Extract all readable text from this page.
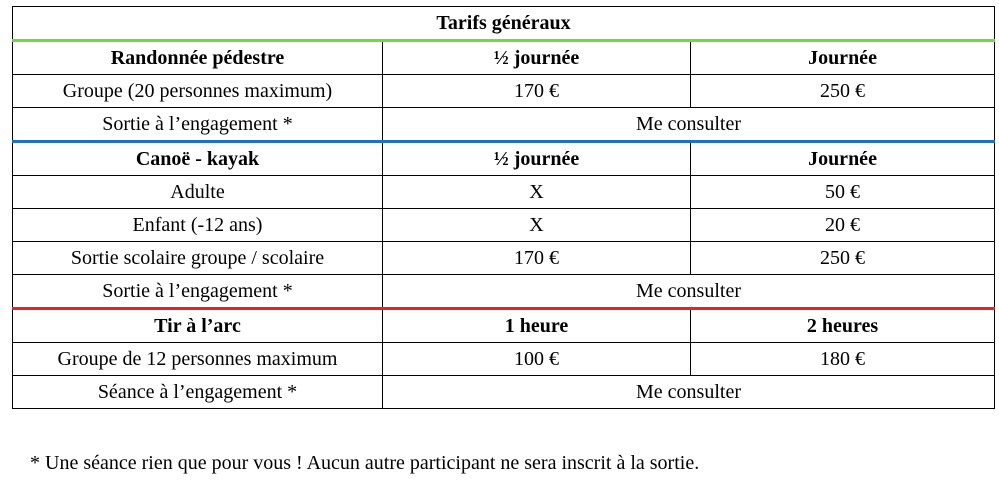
Tarifs généraux		
Randonnée pédestre	½ journée	Journée
Groupe (20 personnes maximum)	170 €	250 €
Sortie à l’engagement *	Me consulter	
Canoë - kayak	½ journée	Journée
Adulte	X	50 €
Enfant (-12 ans)	X	20 €
Sortie scolaire groupe / scolaire	170 €	250 €
Sortie à l’engagement *	Me consulter	
Tir à l’arc	1 heure	2 heures
Groupe de 12 personnes maximum	100 €	180 €
Séance à l’engagement *	Me consulter	
* Une séance rien que pour vous ! Aucun autre participant ne sera inscrit à la sortie.
